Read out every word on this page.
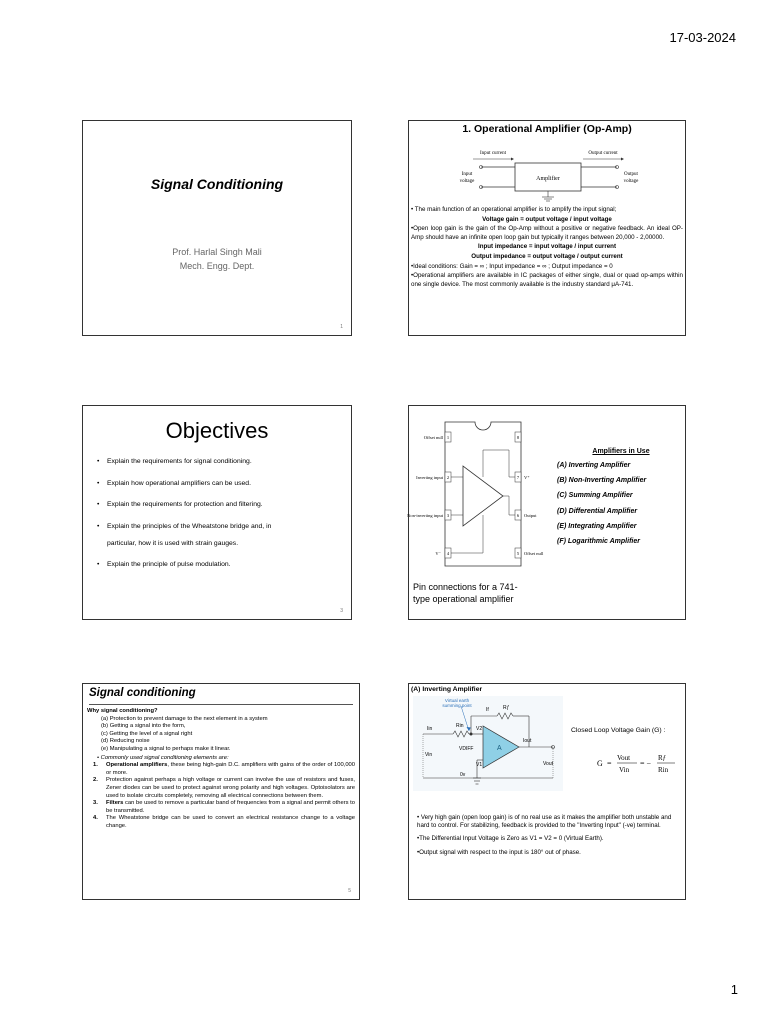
17-03-2024
Signal Conditioning
Prof. Harlal Singh Mali
Mech. Engg. Dept.
1
1. Operational Amplifier (Op-Amp)
Amplifier
Input current	Output current
Input
voltage
Output
voltage

• The main function of an operational amplifier is to amplify the input signal;

Voltage gain = output voltage / input voltage

•Open loop gain is the gain of the Op-Amp without a positive or negative feedback. An ideal OP-Amp should have an infinite open loop gain but typically it ranges between 20,000 - 2,00000.

Input impedance = input voltage / input current

Output impedance = output voltage / output current

•Ideal conditions: Gain = ∞ ; Input impedance = ∞ ; Output impedance = 0

•Operational amplifiers are available in IC packages of either single, dual or quad op-amps within one single device. The most commonly available is the industry standard μA-741.

Objectives
• Explain the requirements for signal conditioning.
• Explain how operational amplifiers can be used.
• Explain the requirements for protection and filtering.
• Explain the principles of the Wheatstone bridge and, in
particular, how it is used with strain gauges.
• Explain the principle of pulse modulation.
3
1
2
3
4	5
6
7
8
Offset null
Inverting input
Non-inverting input
V⁻	Offset null
Output
V⁺
Pin connections for a 741-
type operational amplifier
Amplifiers in Use
(A) Inverting Amplifier
(B) Non-Inverting Amplifier
(C) Summing Amplifier
(D) Differential Amplifier
(E) Integrating Amplifier
(F) Logarithmic Amplifier
Signal conditioning

Why signal conditioning?

(a) Protection to prevent damage to the next element in a system

(b) Getting a signal into the form,

(c) Getting the level of a signal right

(d) Reducing noise

(e) Manipulating a signal to perhaps make it linear.

• Commonly used signal conditioning elements are:

1.	Operational amplifiers, these being high-gain D.C. amplifiers with gains of the order of 100,000 or more.
2.	Protection against perhaps a high voltage or current can involve the use of resistors and fuses, Zener diodes can be used to protect against wrong polarity and high voltages. Optoisolators are used to isolate circuits completely, removing all electrical connections between them.
3.	Filters can be used to remove a particular band of frequencies from a signal and permit others to be transmitted.
4.	The Wheatstone bridge can be used to convert an electrical resistance change to a voltage change.
5
(A) Inverting Amplifier
A
Virtual earth
summing point
If	Rƒ
Iin	Rin V2
VDIFF
V1
Iout
Vin
Vout
0v
Closed Loop Voltage Gain (G) :
G =
Vout
Vin
= −
Rƒ
Rin

• Very high gain (open loop gain) is of no real use as it makes the amplifier both unstable and hard to control. For stabilizing, feedback is provided to the "Inverting Input" (-ve) terminal.

•The Differential Input Voltage is Zero as V1 = V2 = 0 (Virtual Earth).

•Output signal with respect to the input is 180° out of phase.

1
